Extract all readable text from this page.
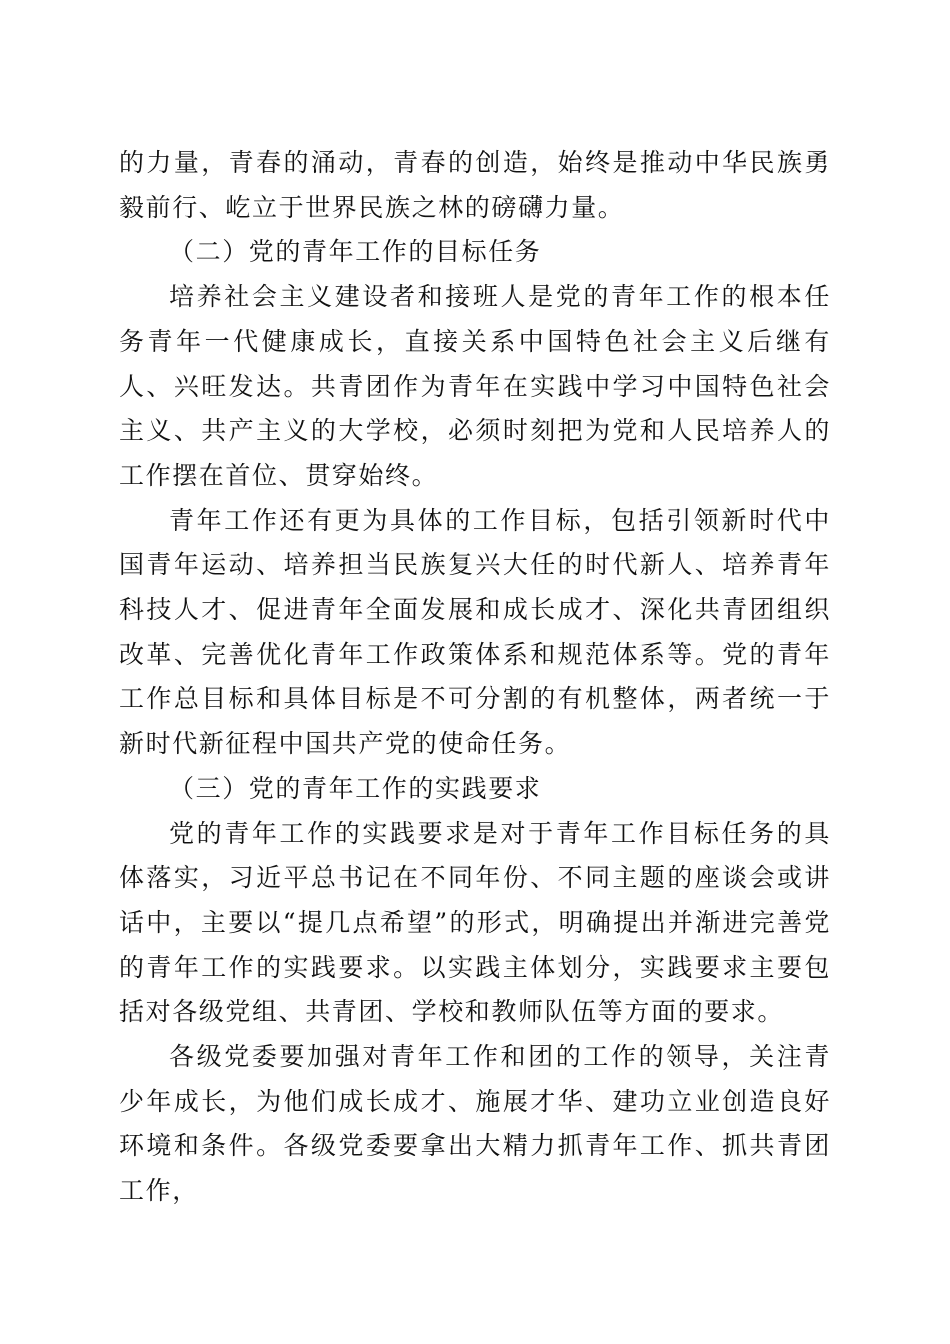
的力量，青春的涌动，青春的创造，始终是推动中华民族勇毅前行、屹立于世界民族之林的磅礴力量。

（二）党的青年工作的目标任务

培养社会主义建设者和接班人是党的青年工作的根本任务青年一代健康成长，直接关系中国特色社会主义后继有人、兴旺发达。共青团作为青年在实践中学习中国特色社会主义、共产主义的大学校，必须时刻把为党和人民培养人的工作摆在首位、贯穿始终。

青年工作还有更为具体的工作目标，包括引领新时代中国青年运动、培养担当民族复兴大任的时代新人、培养青年科技人才、促进青年全面发展和成长成才、深化共青团组织改革、完善优化青年工作政策体系和规范体系等。党的青年工作总目标和具体目标是不可分割的有机整体，两者统一于新时代新征程中国共产党的使命任务。

（三）党的青年工作的实践要求

党的青年工作的实践要求是对于青年工作目标任务的具体落实，习近平总书记在不同年份、不同主题的座谈会或讲话中，主要以“提几点希望”的形式，明确提出并渐进完善党的青年工作的实践要求。以实践主体划分，实践要求主要包括对各级党组、共青团、学校和教师队伍等方面的要求。

各级党委要加强对青年工作和团的工作的领导，关注青少年成长，为他们成长成才、施展才华、建功立业创造良好环境和条件。各级党委要拿出大精力抓青年工作、抓共青团工作，
